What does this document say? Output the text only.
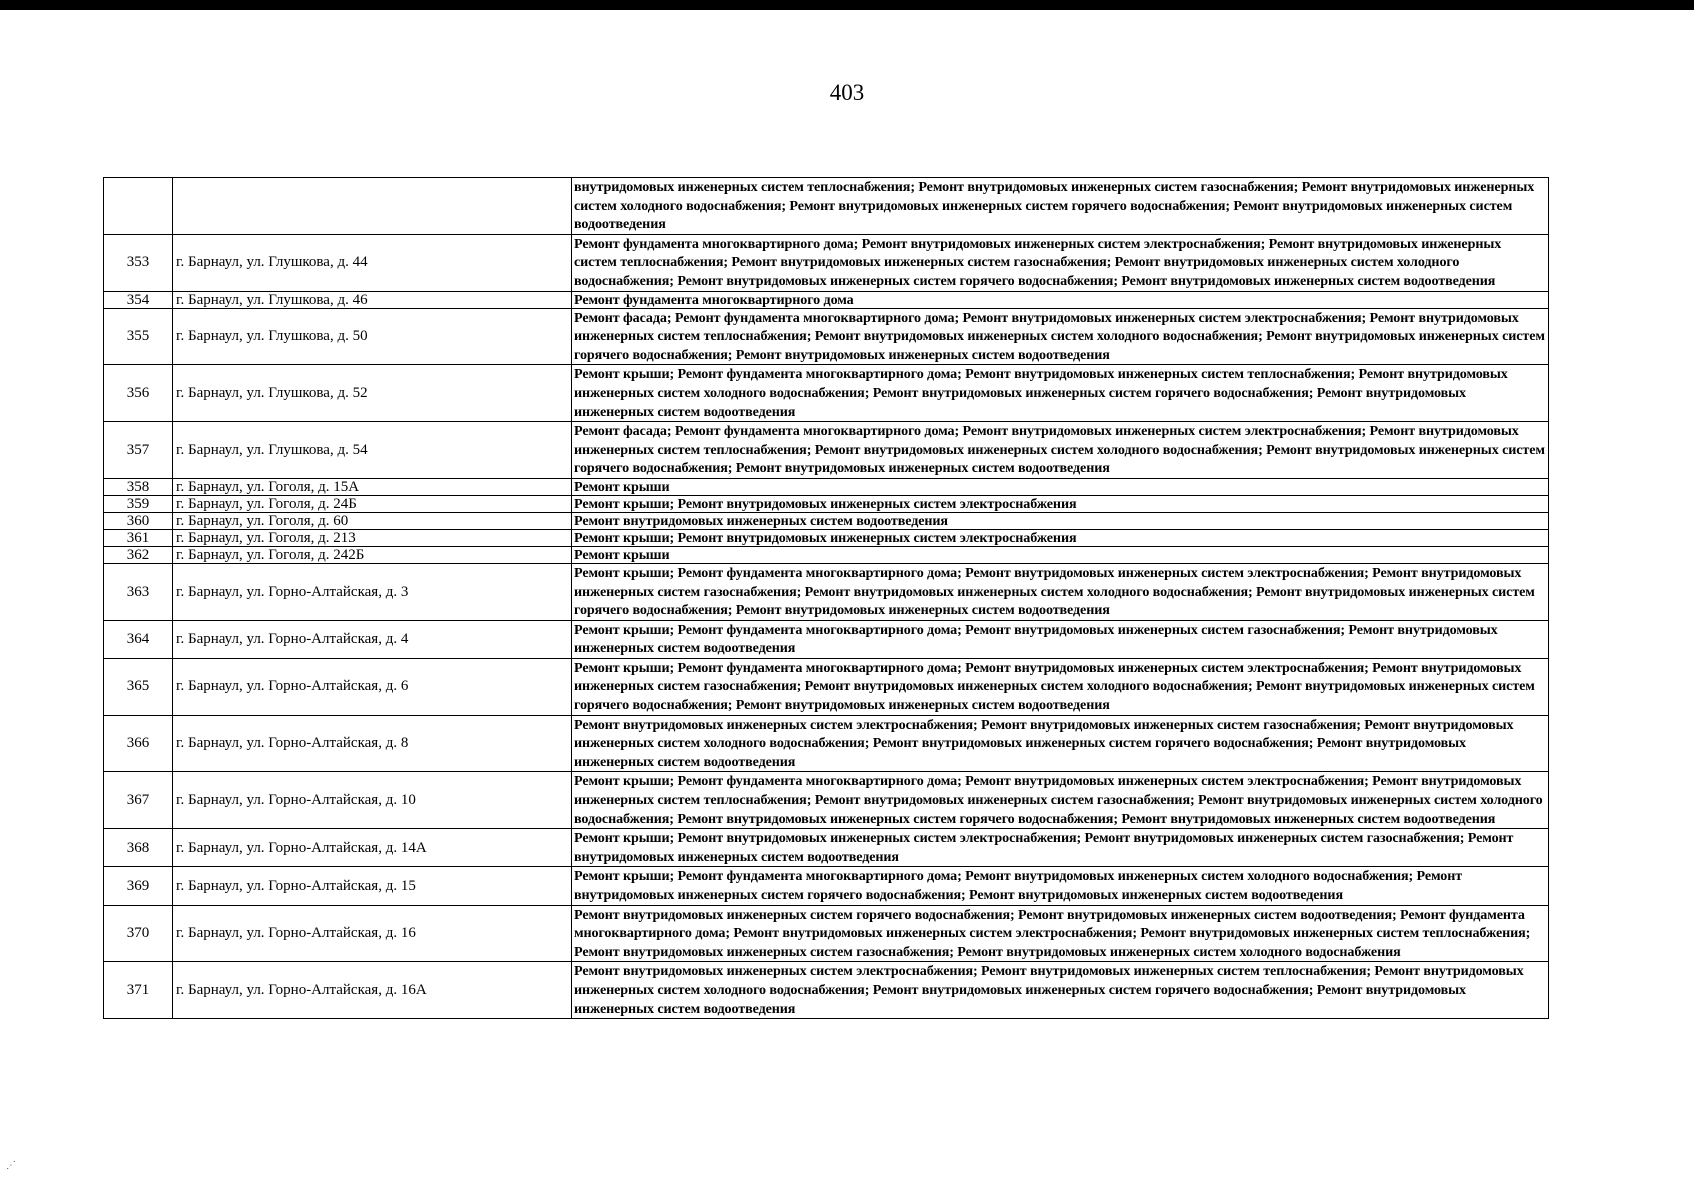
403
		внутридомовых инженерных систем теплоснабжения; Ремонт внутридомовых инженерных систем газоснабжения; Ремонт внутридомовых инженерных систем холодного водоснабжения; Ремонт внутридомовых инженерных систем горячего водоснабжения; Ремонт внутридомовых инженерных систем водоотведения
353	г. Барнаул, ул. Глушкова, д. 44	Ремонт фундамента многоквартирного дома; Ремонт внутридомовых инженерных систем электроснабжения; Ремонт внутридомовых инженерных систем теплоснабжения; Ремонт внутридомовых инженерных систем газоснабжения; Ремонт внутридомовых инженерных систем холодного водоснабжения; Ремонт внутридомовых инженерных систем горячего водоснабжения; Ремонт внутридомовых инженерных систем водоотведения
354	г. Барнаул, ул. Глушкова, д. 46	Ремонт фундамента многоквартирного дома
355	г. Барнаул, ул. Глушкова, д. 50	Ремонт фасада; Ремонт фундамента многоквартирного дома; Ремонт внутридомовых инженерных систем электроснабжения; Ремонт внутридомовых инженерных систем теплоснабжения; Ремонт внутридомовых инженерных систем холодного водоснабжения; Ремонт внутридомовых инженерных систем горячего водоснабжения; Ремонт внутридомовых инженерных систем водоотведения
356	г. Барнаул, ул. Глушкова, д. 52	Ремонт крыши; Ремонт фундамента многоквартирного дома; Ремонт внутридомовых инженерных систем теплоснабжения; Ремонт внутридомовых инженерных систем холодного водоснабжения; Ремонт внутридомовых инженерных систем горячего водоснабжения; Ремонт внутридомовых инженерных систем водоотведения
357	г. Барнаул, ул. Глушкова, д. 54	Ремонт фасада; Ремонт фундамента многоквартирного дома; Ремонт внутридомовых инженерных систем электроснабжения; Ремонт внутридомовых инженерных систем теплоснабжения; Ремонт внутридомовых инженерных систем холодного водоснабжения; Ремонт внутридомовых инженерных систем горячего водоснабжения; Ремонт внутридомовых инженерных систем водоотведения
358	г. Барнаул, ул. Гоголя, д. 15А	Ремонт крыши
359	г. Барнаул, ул. Гоголя, д. 24Б	Ремонт крыши; Ремонт внутридомовых инженерных систем электроснабжения
360	г. Барнаул, ул. Гоголя, д. 60	Ремонт внутридомовых инженерных систем водоотведения
361	г. Барнаул, ул. Гоголя, д. 213	Ремонт крыши; Ремонт внутридомовых инженерных систем электроснабжения
362	г. Барнаул, ул. Гоголя, д. 242Б	Ремонт крыши
363	г. Барнаул, ул. Горно-Алтайская, д. 3	Ремонт крыши; Ремонт фундамента многоквартирного дома; Ремонт внутридомовых инженерных систем электроснабжения; Ремонт внутридомовых инженерных систем газоснабжения; Ремонт внутридомовых инженерных систем холодного водоснабжения; Ремонт внутридомовых инженерных систем горячего водоснабжения; Ремонт внутридомовых инженерных систем водоотведения
364	г. Барнаул, ул. Горно-Алтайская, д. 4	Ремонт крыши; Ремонт фундамента многоквартирного дома; Ремонт внутридомовых инженерных систем газоснабжения; Ремонт внутридомовых инженерных систем водоотведения
365	г. Барнаул, ул. Горно-Алтайская, д. 6	Ремонт крыши; Ремонт фундамента многоквартирного дома; Ремонт внутридомовых инженерных систем электроснабжения; Ремонт внутридомовых инженерных систем газоснабжения; Ремонт внутридомовых инженерных систем холодного водоснабжения; Ремонт внутридомовых инженерных систем горячего водоснабжения; Ремонт внутридомовых инженерных систем водоотведения
366	г. Барнаул, ул. Горно-Алтайская, д. 8	Ремонт внутридомовых инженерных систем электроснабжения; Ремонт внутридомовых инженерных систем газоснабжения; Ремонт внутридомовых инженерных систем холодного водоснабжения; Ремонт внутридомовых инженерных систем горячего водоснабжения; Ремонт внутридомовых инженерных систем водоотведения
367	г. Барнаул, ул. Горно-Алтайская, д. 10	Ремонт крыши; Ремонт фундамента многоквартирного дома; Ремонт внутридомовых инженерных систем электроснабжения; Ремонт внутридомовых инженерных систем теплоснабжения; Ремонт внутридомовых инженерных систем газоснабжения; Ремонт внутридомовых инженерных систем холодного водоснабжения; Ремонт внутридомовых инженерных систем горячего водоснабжения; Ремонт внутридомовых инженерных систем водоотведения
368	г. Барнаул, ул. Горно-Алтайская, д. 14А	Ремонт крыши; Ремонт внутридомовых инженерных систем электроснабжения; Ремонт внутридомовых инженерных систем газоснабжения; Ремонт внутридомовых инженерных систем водоотведения
369	г. Барнаул, ул. Горно-Алтайская, д. 15	Ремонт крыши; Ремонт фундамента многоквартирного дома; Ремонт внутридомовых инженерных систем холодного водоснабжения; Ремонт внутридомовых инженерных систем горячего водоснабжения; Ремонт внутридомовых инженерных систем водоотведения
370	г. Барнаул, ул. Горно-Алтайская, д. 16	Ремонт внутридомовых инженерных систем горячего водоснабжения; Ремонт внутридомовых инженерных систем водоотведения; Ремонт фундамента многоквартирного дома; Ремонт внутридомовых инженерных систем электроснабжения; Ремонт внутридомовых инженерных систем теплоснабжения; Ремонт внутридомовых инженерных систем газоснабжения; Ремонт внутридомовых инженерных систем холодного водоснабжения
371	г. Барнаул, ул. Горно-Алтайская, д. 16А	Ремонт внутридомовых инженерных систем электроснабжения; Ремонт внутридомовых инженерных систем теплоснабжения; Ремонт внутридомовых инженерных систем холодного водоснабжения; Ремонт внутридомовых инженерных систем горячего водоснабжения; Ремонт внутридомовых инженерных систем водоотведения
⋰
